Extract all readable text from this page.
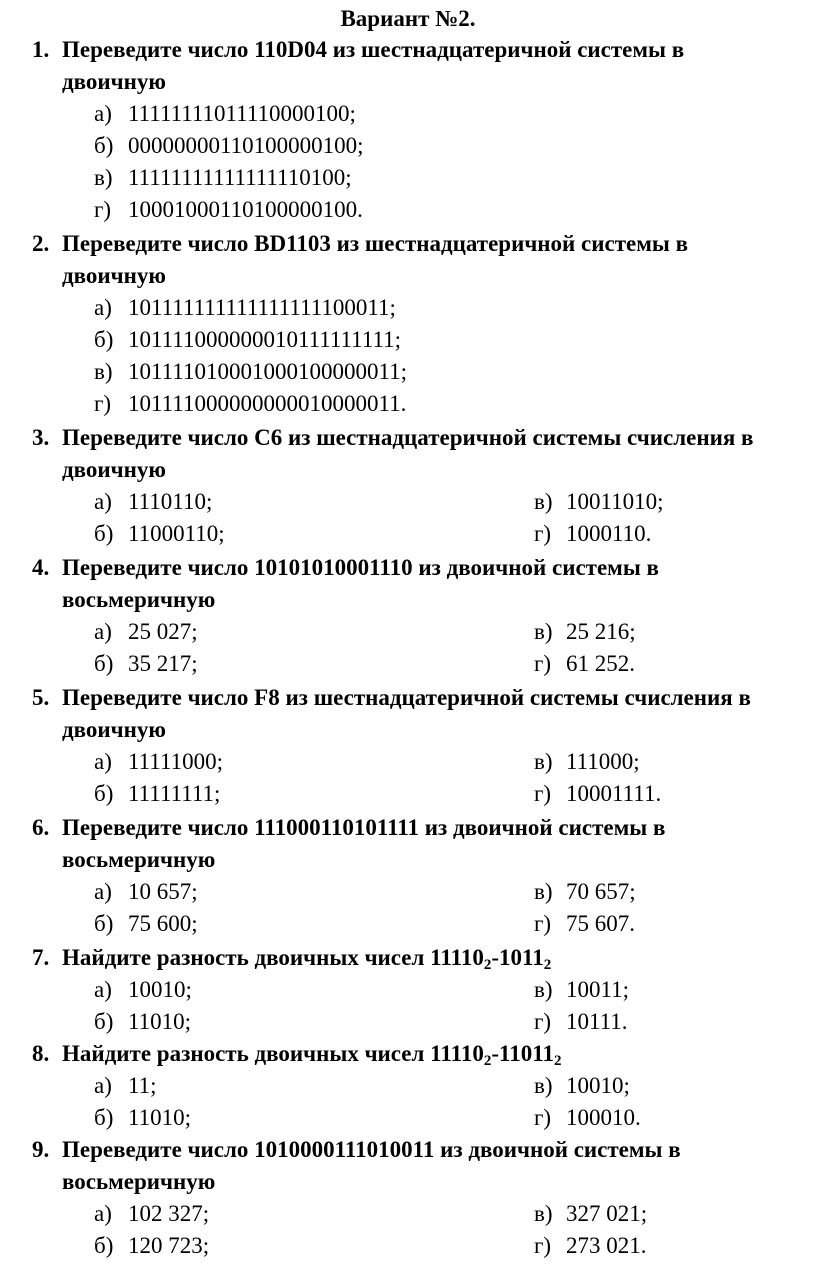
Вариант №2.
1. Переведите число 110D04 из шестнадцатеричной системы в
двоичную
а) 11111111011110000100;
б) 00000000110100000100;
в) 11111111111111110100;
г) 10001000110100000100.
2. Переведите число BD1103 из шестнадцатеричной системы в
двоичную
а) 101111111111111111100011;
б) 101111000000010111111111;
в) 101111010001000100000011;
г) 101111000000000010000011.
3. Переведите число С6 из шестнадцатеричной системы счисления в
двоичную
а) 1110110;	в) 10011010;
б) 11000110;	г) 1000110.
4. Переведите число 10101010001110 из двоичной системы в
восьмеричную
а) 25 027;	в) 25 216;
б) 35 217;	г) 61 252.
5. Переведите число F8 из шестнадцатеричной системы счисления в
двоичную
а) 11111000;	в) 111000;
б) 11111111;	г) 10001111.
6. Переведите число 111000110101111 из двоичной системы в
восьмеричную
а) 10 657;	в) 70 657;
б) 75 600;	г) 75 607.
7. Найдите разность двоичных чисел $11110_2-1011_2$
а) 10010;	в) 10011;
б) 11010;	г) 10111.
8. Найдите разность двоичных чисел $11110_2-11011_2$
а) 11;	в) 10010;
б) 11010;	г) 100010.
9. Переведите число 1010000111010011 из двоичной системы в
восьмеричную
а) 102 327;	в) 327 021;
б) 120 723;	г) 273 021.
